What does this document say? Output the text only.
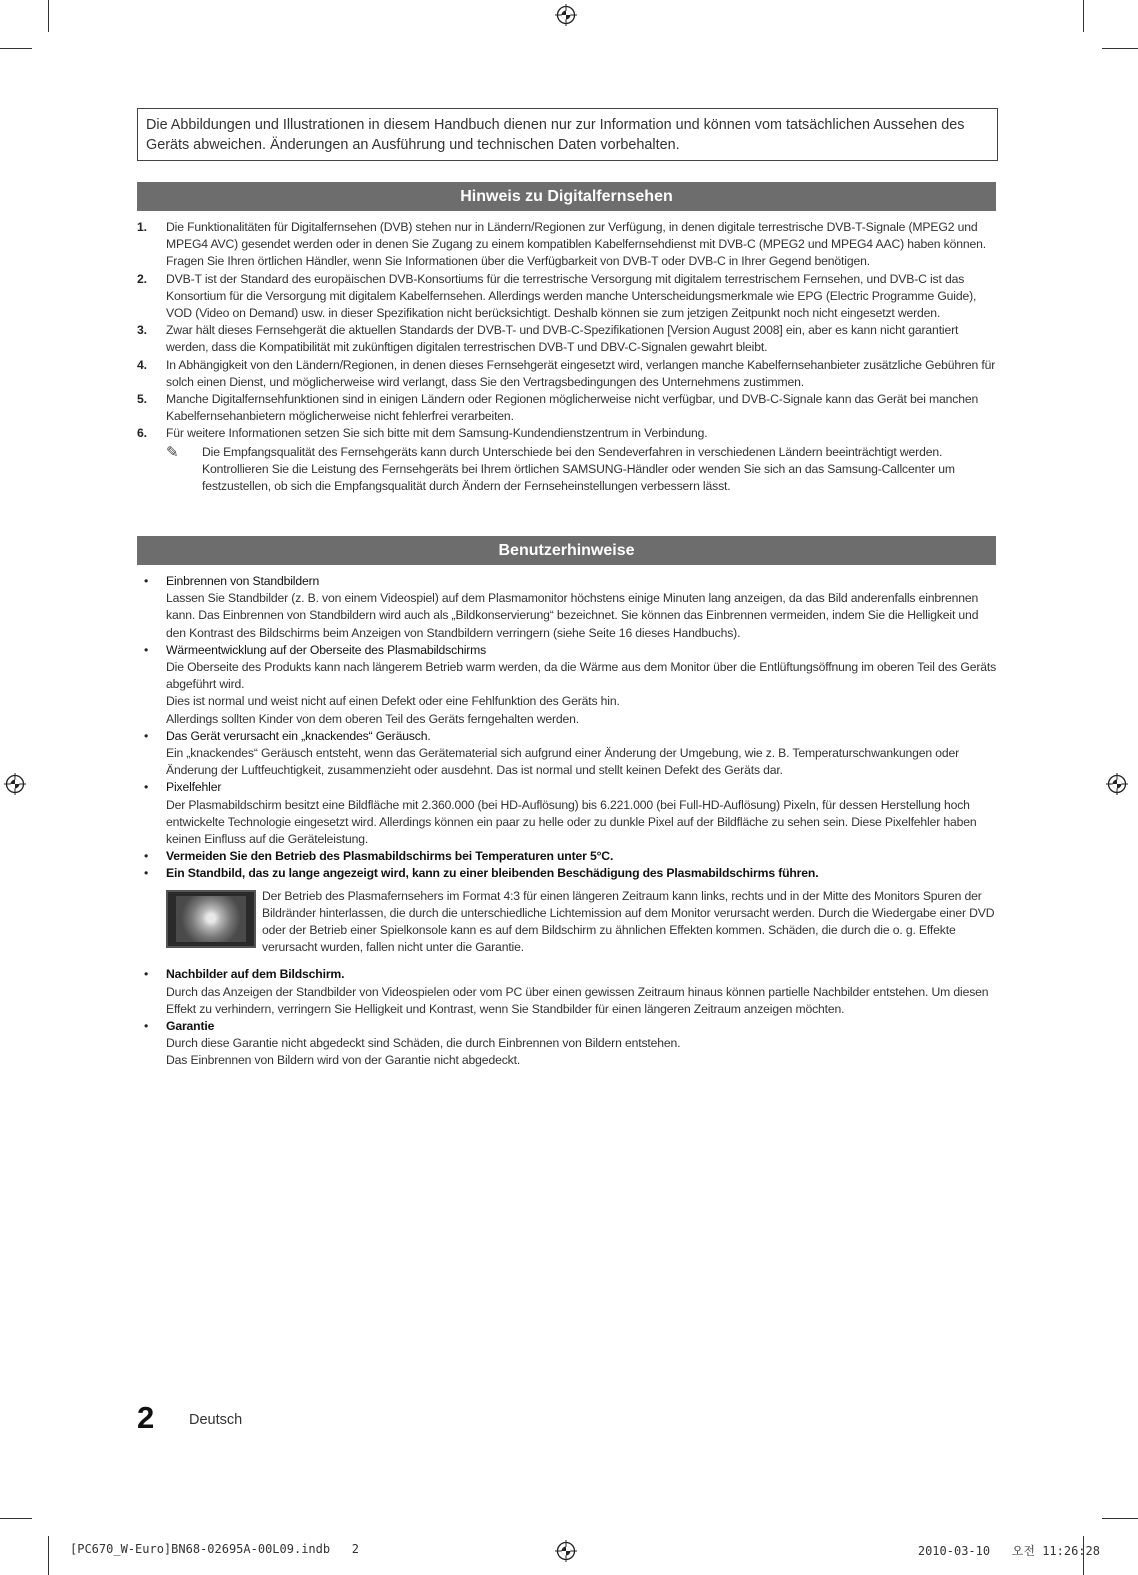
Die Abbildungen und Illustrationen in diesem Handbuch dienen nur zur Information und können vom tatsächlichen Aussehen des Geräts abweichen. Änderungen an Ausführung und technischen Daten vorbehalten.
Hinweis zu Digitalfernsehen
1. Die Funktionalitäten für Digitalfernsehen (DVB) stehen nur in Ländern/Regionen zur Verfügung, in denen digitale terrestrische DVB-T-Signale (MPEG2 und MPEG4 AVC) gesendet werden oder in denen Sie Zugang zu einem kompatiblen Kabelfernsehdienst mit DVB-C (MPEG2 und MPEG4 AAC) haben können. Fragen Sie Ihren örtlichen Händler, wenn Sie Informationen über die Verfügbarkeit von DVB-T oder DVB-C in Ihrer Gegend benötigen.
2. DVB-T ist der Standard des europäischen DVB-Konsortiums für die terrestrische Versorgung mit digitalem terrestrischem Fernsehen, und DVB-C ist das Konsortium für die Versorgung mit digitalem Kabelfernsehen. Allerdings werden manche Unterscheidungsmerkmale wie EPG (Electric Programme Guide), VOD (Video on Demand) usw. in dieser Spezifikation nicht berücksichtigt. Deshalb können sie zum jetzigen Zeitpunkt noch nicht eingesetzt werden.
3. Zwar hält dieses Fernsehgerät die aktuellen Standards der DVB-T- und DVB-C-Spezifikationen [Version August 2008] ein, aber es kann nicht garantiert werden, dass die Kompatibilität mit zukünftigen digitalen terrestrischen DVB-T und DBV-C-Signalen gewahrt bleibt.
4. In Abhängigkeit von den Ländern/Regionen, in denen dieses Fernsehgerät eingesetzt wird, verlangen manche Kabelfernsehanbieter zusätzliche Gebühren für solch einen Dienst, und möglicherweise wird verlangt, dass Sie den Vertragsbedingungen des Unternehmens zustimmen.
5. Manche Digitalfernsehfunktionen sind in einigen Ländern oder Regionen möglicherweise nicht verfügbar, und DVB-C-Signale kann das Gerät bei manchen Kabelfernsehanbietern möglicherweise nicht fehlerfrei verarbeiten.
6. Für weitere Informationen setzen Sie sich bitte mit dem Samsung-Kundendienstzentrum in Verbindung.
✎ Die Empfangsqualität des Fernsehgeräts kann durch Unterschiede bei den Sendeverfahren in verschiedenen Ländern beeinträchtigt werden. Kontrollieren Sie die Leistung des Fernsehgeräts bei Ihrem örtlichen SAMSUNG-Händler oder wenden Sie sich an das Samsung-Callcenter um festzustellen, ob sich die Empfangsqualität durch Ändern der Fernseheinstellungen verbessern lässt.
Benutzerhinweise
• Einbrennen von Standbildern
Lassen Sie Standbilder (z. B. von einem Videospiel) auf dem Plasmamonitor höchstens einige Minuten lang anzeigen, da das Bild anderenfalls einbrennen kann. Das Einbrennen von Standbildern wird auch als „Bildkonservierung“ bezeichnet. Sie können das Einbrennen vermeiden, indem Sie die Helligkeit und den Kontrast des Bildschirms beim Anzeigen von Standbildern verringern (siehe Seite 16 dieses Handbuchs).
• Wärmeentwicklung auf der Oberseite des Plasmabildschirms
Die Oberseite des Produkts kann nach längerem Betrieb warm werden, da die Wärme aus dem Monitor über die Entlüftungsöffnung im oberen Teil des Geräts abgeführt wird.
Dies ist normal und weist nicht auf einen Defekt oder eine Fehlfunktion des Geräts hin.
Allerdings sollten Kinder von dem oberen Teil des Geräts ferngehalten werden.
• Das Gerät verursacht ein „knackendes“ Geräusch.
Ein „knackendes“ Geräusch entsteht, wenn das Gerätematerial sich aufgrund einer Änderung der Umgebung, wie z. B. Temperaturschwankungen oder Änderung der Luftfeuchtigkeit, zusammenzieht oder ausdehnt. Das ist normal und stellt keinen Defekt des Geräts dar.
• Pixelfehler
Der Plasmabildschirm besitzt eine Bildfläche mit 2.360.000 (bei HD-Auflösung) bis 6.221.000 (bei Full-HD-Auflösung) Pixeln, für dessen Herstellung hoch entwickelte Technologie eingesetzt wird. Allerdings können ein paar zu helle oder zu dunkle Pixel auf der Bildfläche zu sehen sein. Diese Pixelfehler haben keinen Einfluss auf die Geräteleistung.
• Vermeiden Sie den Betrieb des Plasmabildschirms bei Temperaturen unter 5°C.
• Ein Standbild, das zu lange angezeigt wird, kann zu einer bleibenden Beschädigung des Plasmabildschirms führen.
Der Betrieb des Plasmafernsehers im Format 4:3 für einen längeren Zeitraum kann links, rechts und in der Mitte des Monitors Spuren der Bildränder hinterlassen, die durch die unterschiedliche Lichtemission auf dem Monitor verursacht werden. Durch die Wiedergabe einer DVD oder der Betrieb einer Spielkonsole kann es auf dem Bildschirm zu ähnlichen Effekten kommen. Schäden, die durch die o. g. Effekte verursacht wurden, fallen nicht unter die Garantie.
• Nachbilder auf dem Bildschirm.
Durch das Anzeigen der Standbilder von Videospielen oder vom PC über einen gewissen Zeitraum hinaus können partielle Nachbilder entstehen. Um diesen Effekt zu verhindern, verringern Sie Helligkeit und Kontrast, wenn Sie Standbilder für einen längeren Zeitraum anzeigen möchten.
• Garantie
Durch diese Garantie nicht abgedeckt sind Schäden, die durch Einbrennen von Bildern entstehen.
Das Einbrennen von Bildern wird von der Garantie nicht abgedeckt.
2 Deutsch
[PC670_W-Euro]BN68-02695A-00L09.indb   2	2010-03-10   오전 11:26:28
